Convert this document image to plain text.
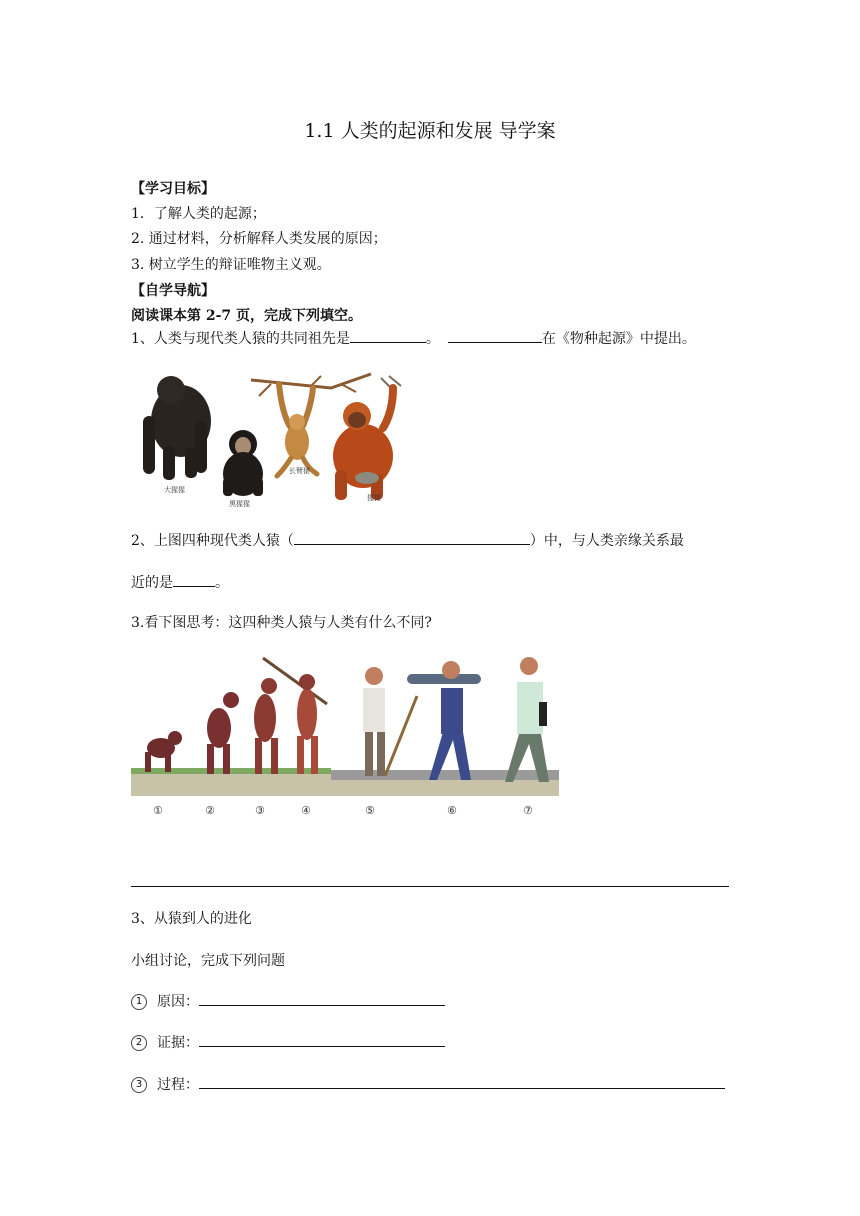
1.1 人类的起源和发展 导学案
【学习目标】
1．了解人类的起源；
2. 通过材料，分析解释人类发展的原因；
3. 树立学生的辩证唯物主义观。
【自学导航】
阅读课本第 2-7 页，完成下列填空。
1、人类与现代类人猿的共同祖先是	。	在《物种起源》中提出。
大猩猩
黑猩猩
长臂猿
猩猩
2、上图四种现代类人猿（	）中，与人类亲缘关系最
近的是	。
3.看下图思考：这四种类人猿与人类有什么不同?
①	②	③	④	⑤	⑥	⑦
3、从猿到人的进化
小组讨论，完成下列问题
1 原因：
2 证据：
3 过程：
